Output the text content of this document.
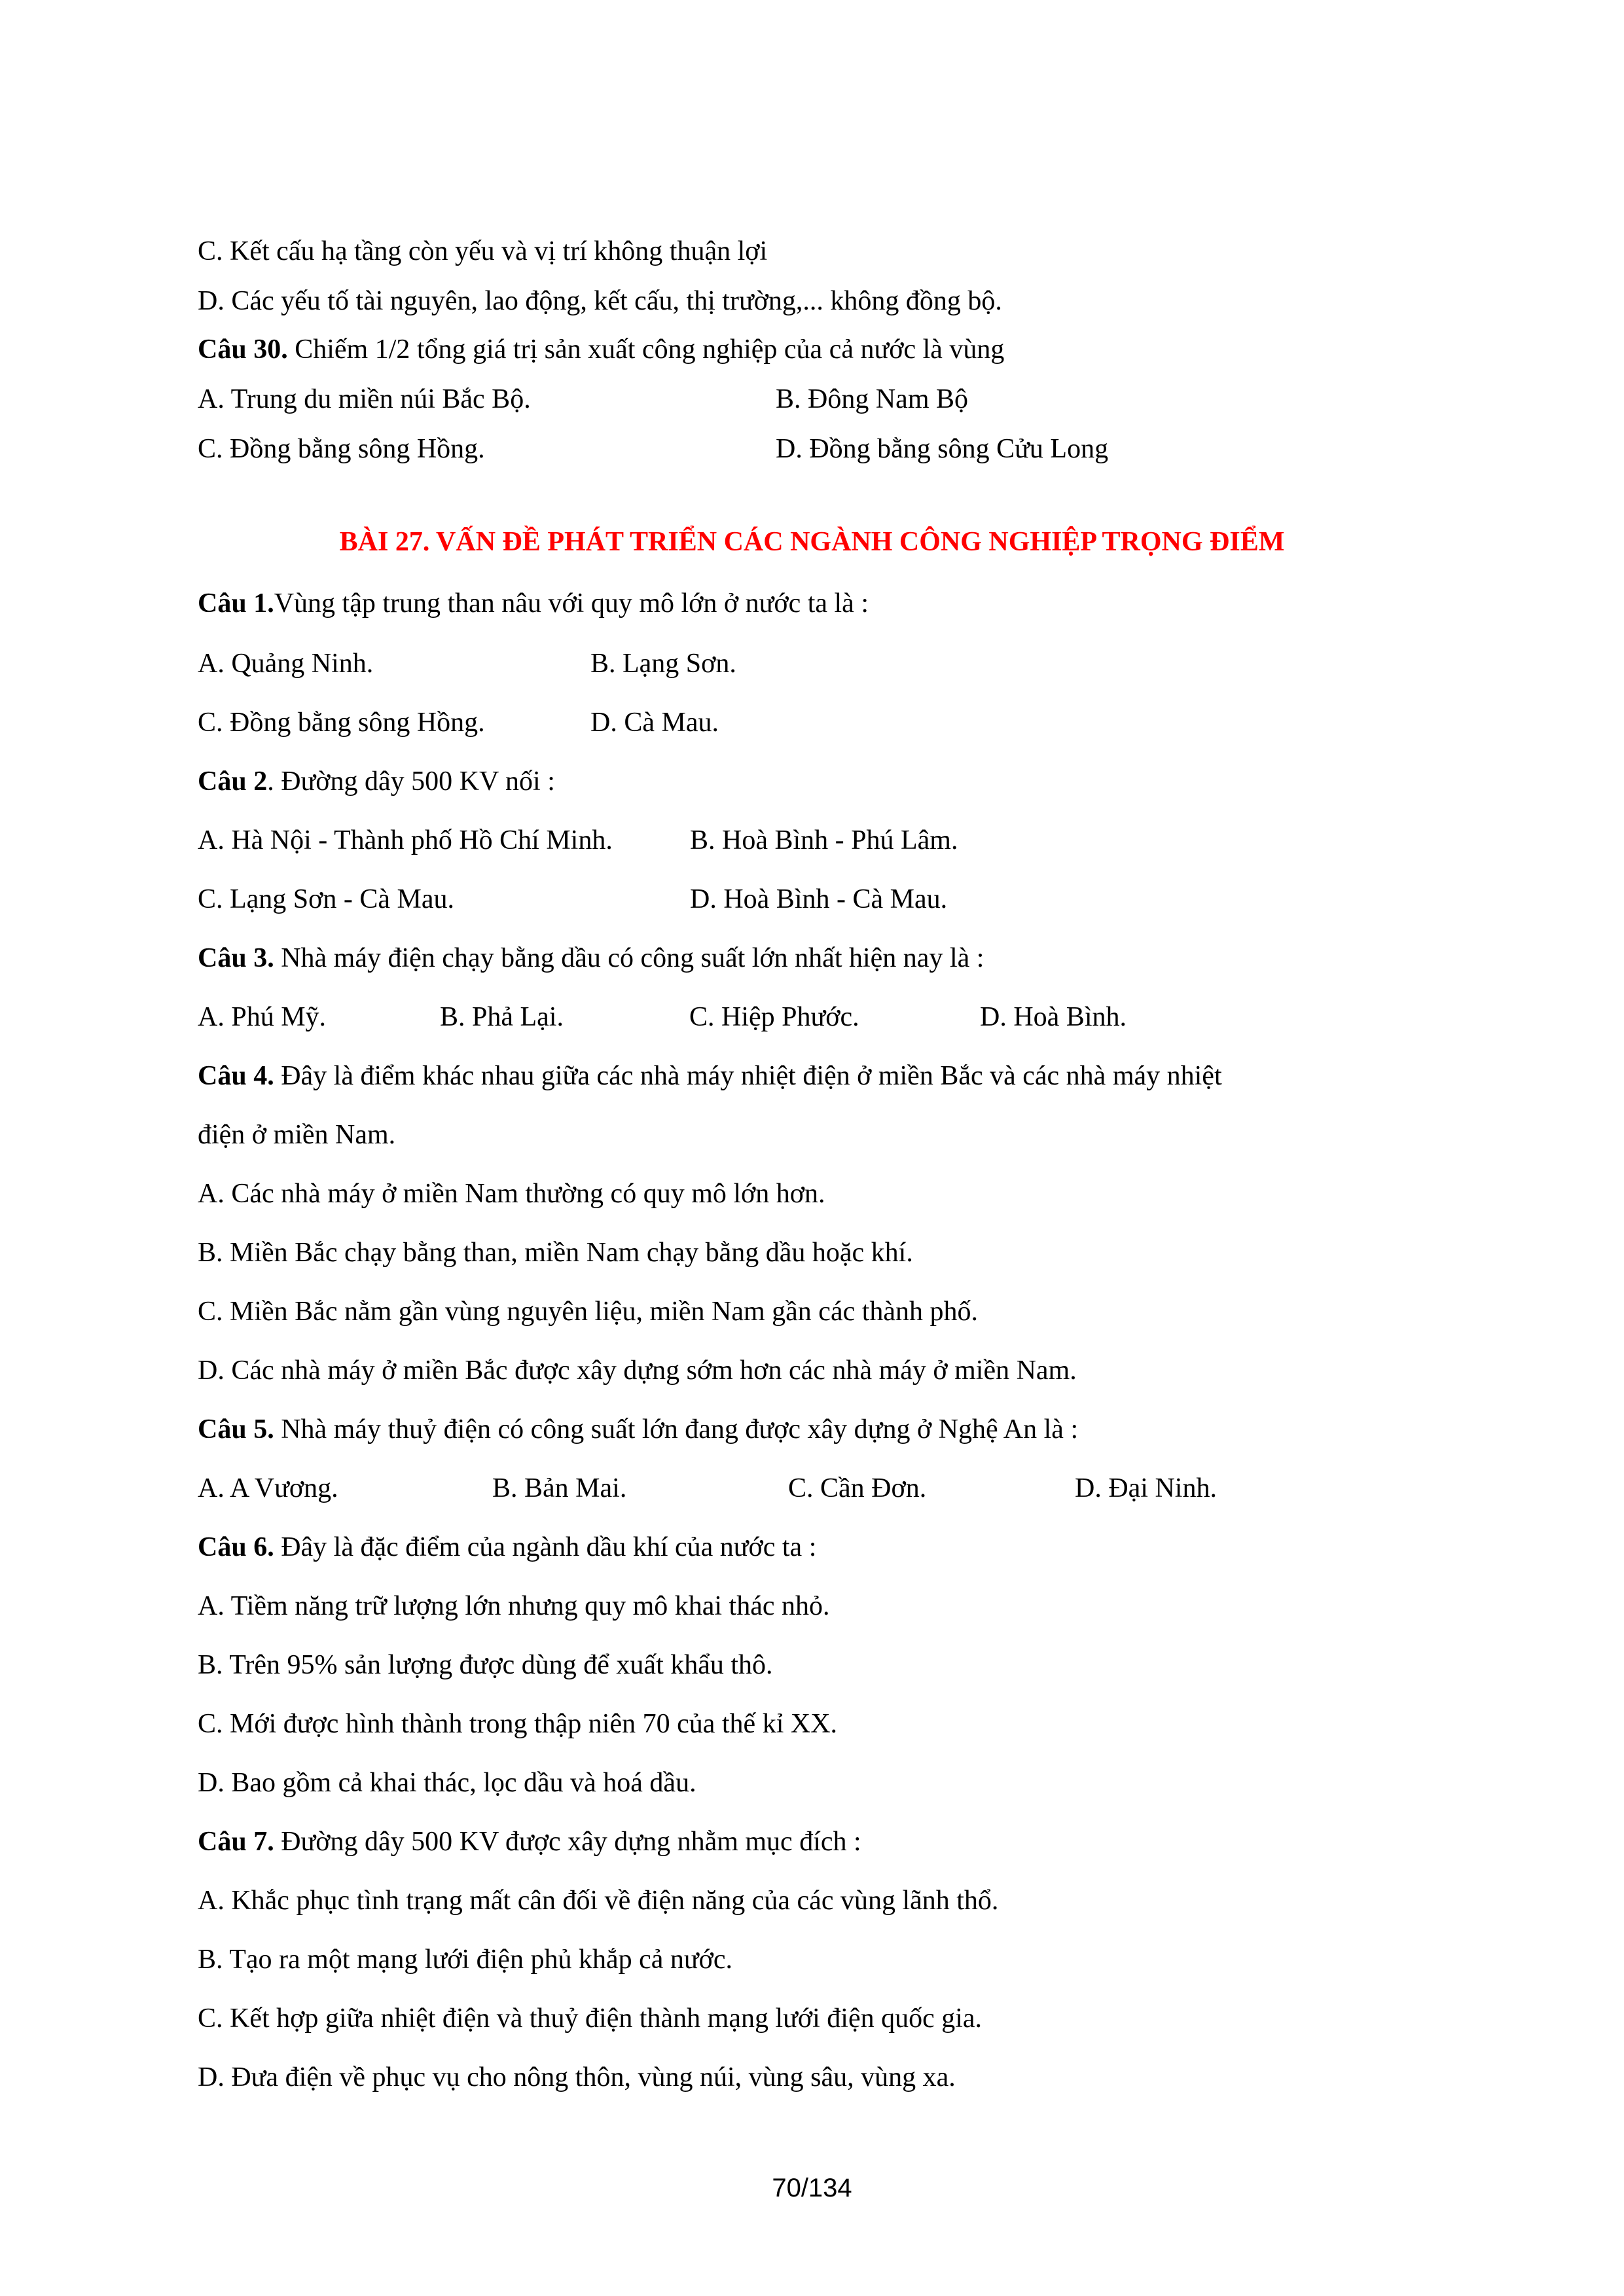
C. Kết cấu hạ tầng còn yếu và vị trí không thuận lợi
D. Các yếu tố tài nguyên, lao động, kết cấu, thị trường,... không đồng bộ.
Câu 30. Chiếm 1/2 tổng giá trị sản xuất công nghiệp của cả nước là vùng
A. Trung du miền núi Bắc Bộ.	B. Đông Nam Bộ
C. Đồng bằng sông Hồng.	D. Đồng bằng sông Cửu Long
BÀI 27. VẤN ĐỀ PHÁT TRIỂN CÁC NGÀNH CÔNG NGHIỆP TRỌNG ĐIỂM
Câu 1.Vùng tập trung than nâu với quy mô lớn ở nước ta là :
A. Quảng Ninh.	B. Lạng Sơn.
C. Đồng bằng sông Hồng.	D. Cà Mau.
Câu 2. Đường dây 500 KV nối :
A. Hà Nội - Thành phố Hồ Chí Minh.	B. Hoà Bình - Phú Lâm.
C. Lạng Sơn - Cà Mau.	D. Hoà Bình - Cà Mau.
Câu 3. Nhà máy điện chạy bằng dầu có công suất lớn nhất hiện nay là :
A. Phú Mỹ.	B. Phả Lại.	C. Hiệp Phước.	D. Hoà Bình.
Câu 4. Đây là điểm khác nhau giữa các nhà máy nhiệt điện ở miền Bắc và các nhà máy nhiệt
điện ở miền Nam.
A. Các nhà máy ở miền Nam thường có quy mô lớn hơn.
B. Miền Bắc chạy bằng than, miền Nam chạy bằng dầu hoặc khí.
C. Miền Bắc nằm gần vùng nguyên liệu, miền Nam gần các thành phố.
D. Các nhà máy ở miền Bắc được xây dựng sớm hơn các nhà máy ở miền Nam.
Câu 5. Nhà máy thuỷ điện có công suất lớn đang được xây dựng ở Nghệ An là :
A. A Vương.	B. Bản Mai.	C. Cần Đơn.	D. Đại Ninh.
Câu 6. Đây là đặc điểm của ngành dầu khí của nước ta :
A. Tiềm năng trữ lượng lớn nhưng quy mô khai thác nhỏ.
B. Trên 95% sản lượng được dùng để xuất khẩu thô.
C. Mới được hình thành trong thập niên 70 của thế kỉ XX.
D. Bao gồm cả khai thác, lọc dầu và hoá dầu.
Câu 7. Đường dây 500 KV được xây dựng nhằm mục đích :
A. Khắc phục tình trạng mất cân đối về điện năng của các vùng lãnh thổ.
B. Tạo ra một mạng lưới điện phủ khắp cả nước.
C. Kết hợp giữa nhiệt điện và thuỷ điện thành mạng lưới điện quốc gia.
D. Đưa điện về phục vụ cho nông thôn, vùng núi, vùng sâu, vùng xa.
70/134
